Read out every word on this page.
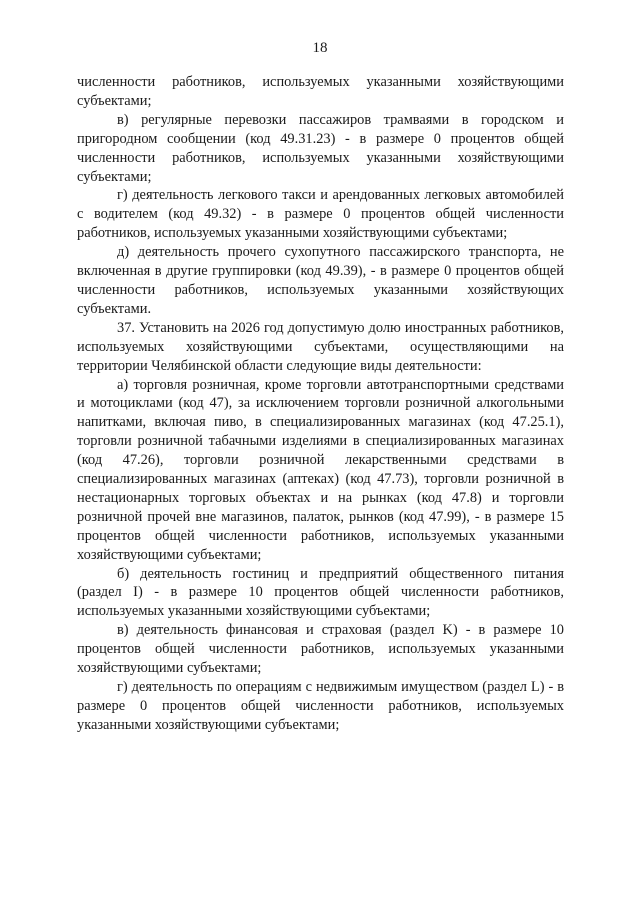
18

численности работников, используемых указанными хозяйствующими субъектами;

в) регулярные перевозки пассажиров трамваями в городском и пригородном сообщении (код 49.31.23) - в размере 0 процентов общей численности работников, используемых указанными хозяйствующими субъектами;

г) деятельность легкового такси и арендованных легковых автомобилей с водителем (код 49.32) - в размере 0 процентов общей численности работников, используемых указанными хозяйствующими субъектами;

д) деятельность прочего сухопутного пассажирского транспорта, не включенная в другие группировки (код 49.39), - в размере 0 процентов общей численности работников, используемых указанными хозяйствующих субъектами.

37. Установить на 2026 год допустимую долю иностранных работников, используемых хозяйствующими субъектами, осуществляющими на территории Челябинской области следующие виды деятельности:

а) торговля розничная, кроме торговли автотранспортными средствами и мотоциклами (код 47), за исключением торговли розничной алкогольными напитками, включая пиво, в специализированных магазинах (код 47.25.1), торговли розничной табачными изделиями в специализированных магазинах (код 47.26), торговли розничной лекарственными средствами в специализированных магазинах (аптеках) (код 47.73), торговли розничной в нестационарных торговых объектах и на рынках (код 47.8) и торговли розничной прочей вне магазинов, палаток, рынков (код 47.99), - в размере 15 процентов общей численности работников, используемых указанными хозяйствующими субъектами;

б) деятельность гостиниц и предприятий общественного питания (раздел I) - в размере 10 процентов общей численности работников, используемых указанными хозяйствующими субъектами;

в) деятельность финансовая и страховая (раздел K) - в размере 10 процентов общей численности работников, используемых указанными хозяйствующими субъектами;

г) деятельность по операциям с недвижимым имуществом (раздел L) - в размере 0 процентов общей численности работников, используемых указанными хозяйствующими субъектами;
